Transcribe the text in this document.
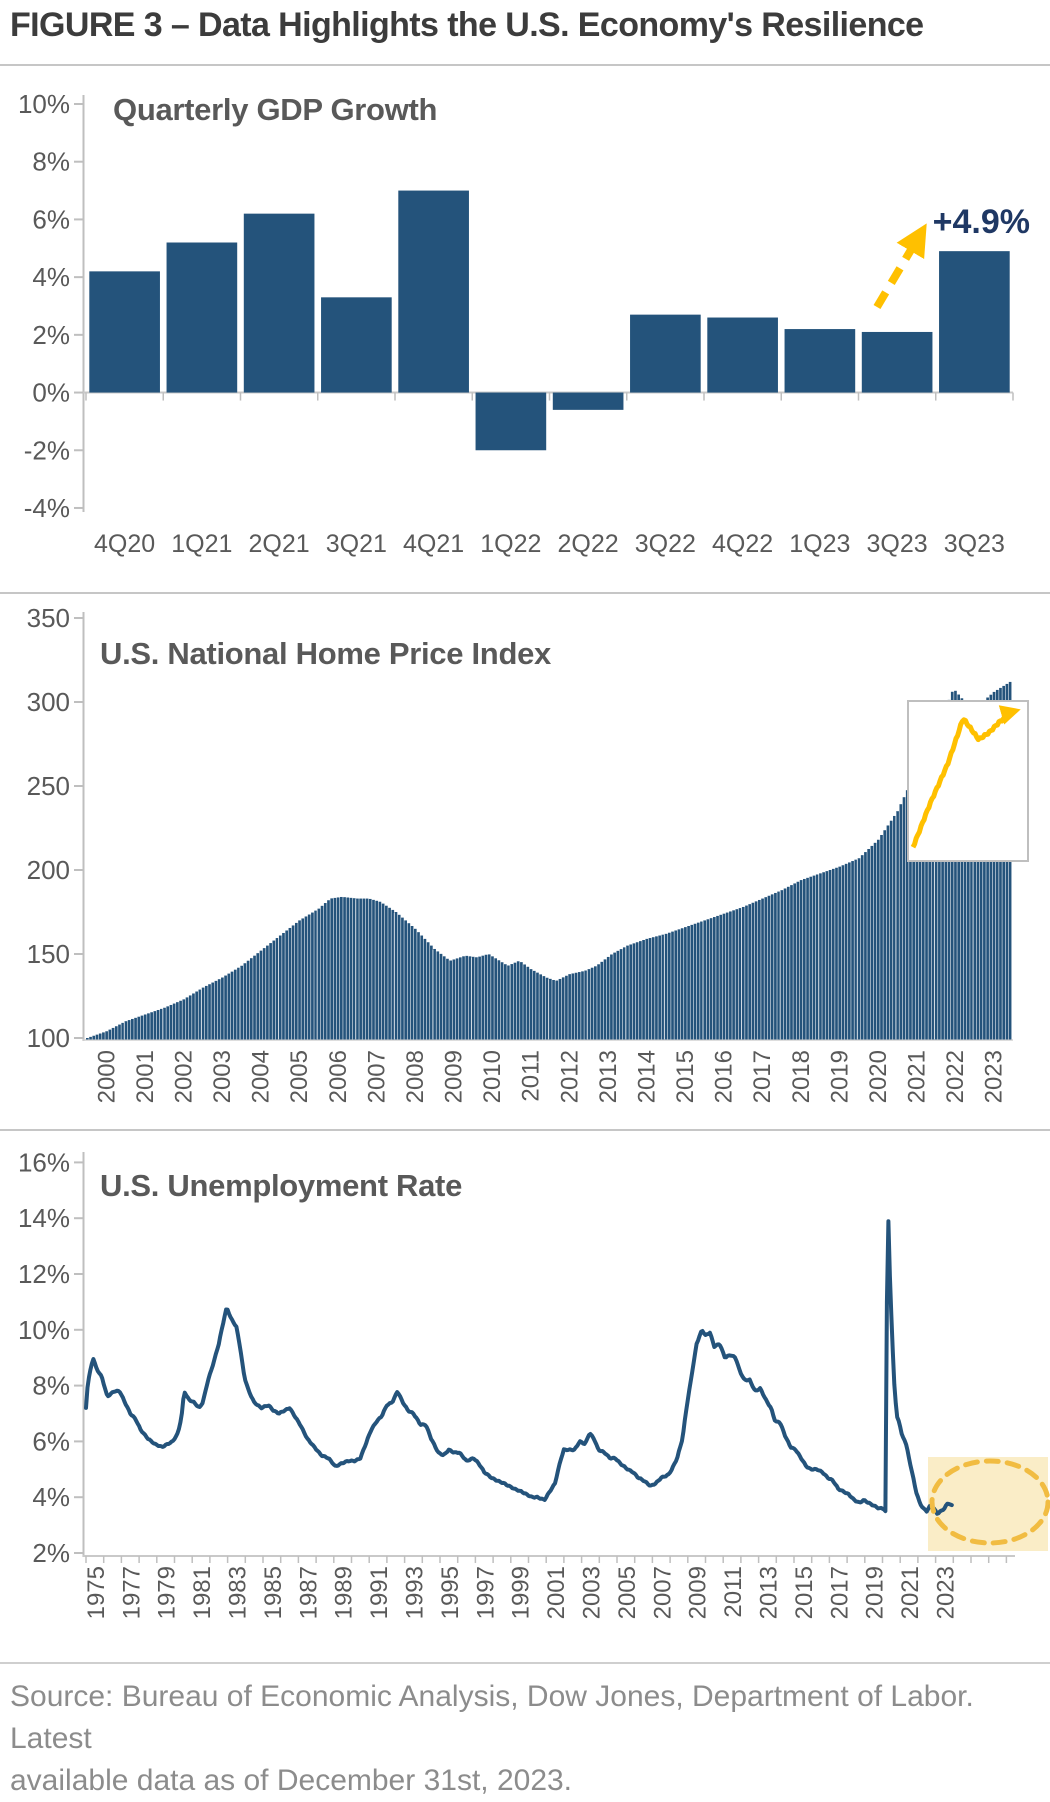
FIGURE 3 – Data Highlights the U.S. Economy's Resilience
10%
8%
6%
4%
2%
0%
-2%
-4%
4Q20 1Q21 2Q21 3Q21 4Q21 1Q22 2Q22 3Q22 4Q22 1Q23 3Q23 3Q23
350
300
250
200
150
100
2000 2001 2002 2003 2004 2005 2006 2007 2008 2009 2010 2011 2012 2013 2014 2015 2016 2017 2018 2019 2020 2021 2022 2023
16%
14%
12%
10%
8%
6%
4%
2%
1975 1977 1979 1981 1983 1985 1987 1989 1991 1993 1995 1997 1999 2001 2003 2005 2007 2009 2011 2013 2015 2017 2019 2021 2023
Quarterly GDP Growth
+4.9%
U.S. National Home Price Index
U.S. Unemployment Rate
Source: Bureau of Economic Analysis, Dow Jones, Department of Labor. Latest
available data as of December 31st, 2023.
